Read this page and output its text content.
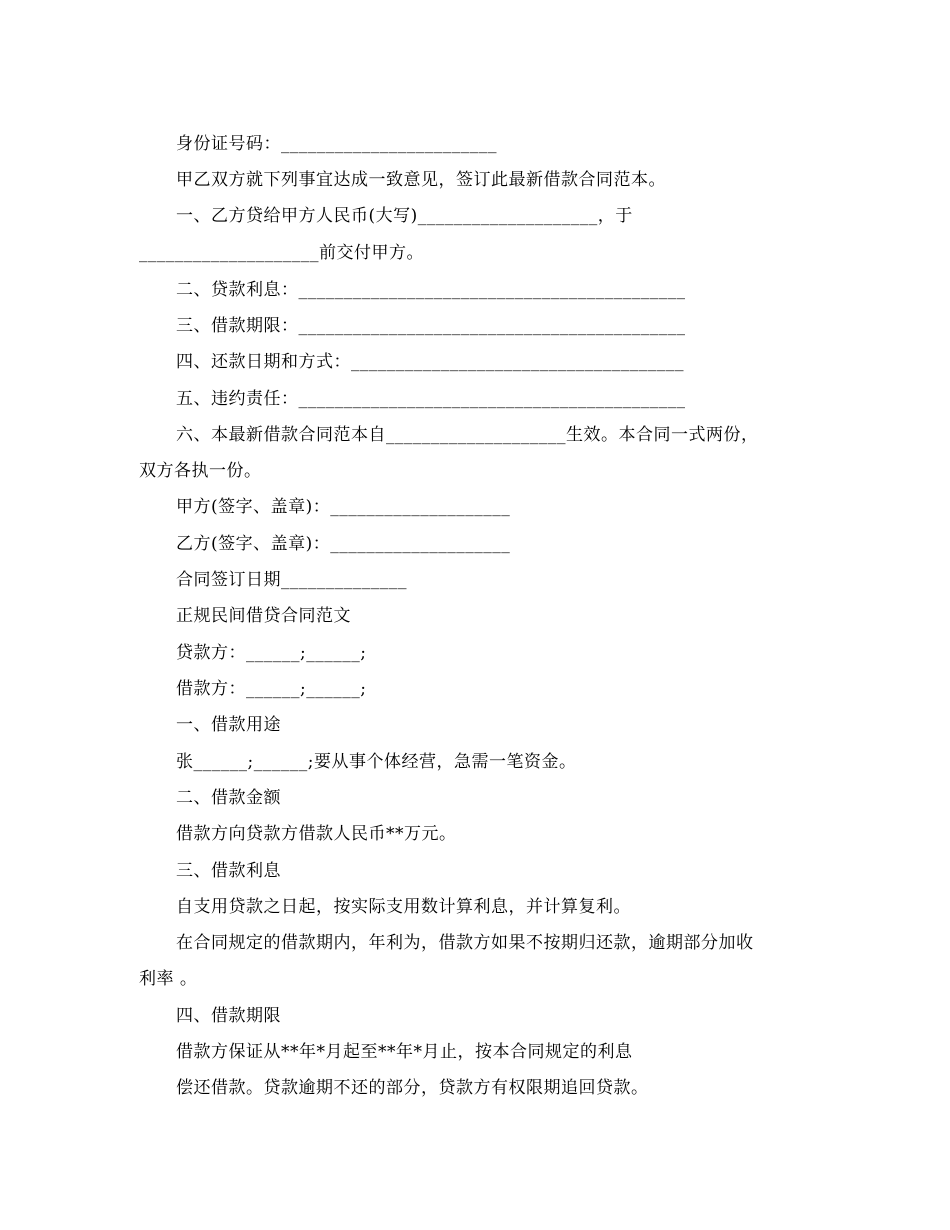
身份证号码：________________________
甲乙双方就下列事宜达成一致意见，签订此最新借款合同范本。
一、乙方贷给甲方人民币(大写)____________________，于
____________________前交付甲方。
二、贷款利息：___________________________________________
三、借款期限：___________________________________________
四、还款日期和方式：_____________________________________
五、违约责任：___________________________________________
六、本最新借款合同范本自____________________生效。本合同一式两份，
双方各执一份。
甲方(签字、盖章)：____________________
乙方(签字、盖章)：____________________
合同签订日期______________
正规民间借贷合同范文
贷款方：______;______;
借款方：______;______;
一、借款用途
张______;______;要从事个体经营，急需一笔资金。
二、借款金额
借款方向贷款方借款人民币**万元。
三、借款利息
自支用贷款之日起，按实际支用数计算利息，并计算复利。
在合同规定的借款期内，年利为，借款方如果不按期归还款，逾期部分加收
利率 。
四、借款期限
借款方保证从**年*月起至**年*月止，按本合同规定的利息
偿还借款。贷款逾期不还的部分，贷款方有权限期追回贷款。
